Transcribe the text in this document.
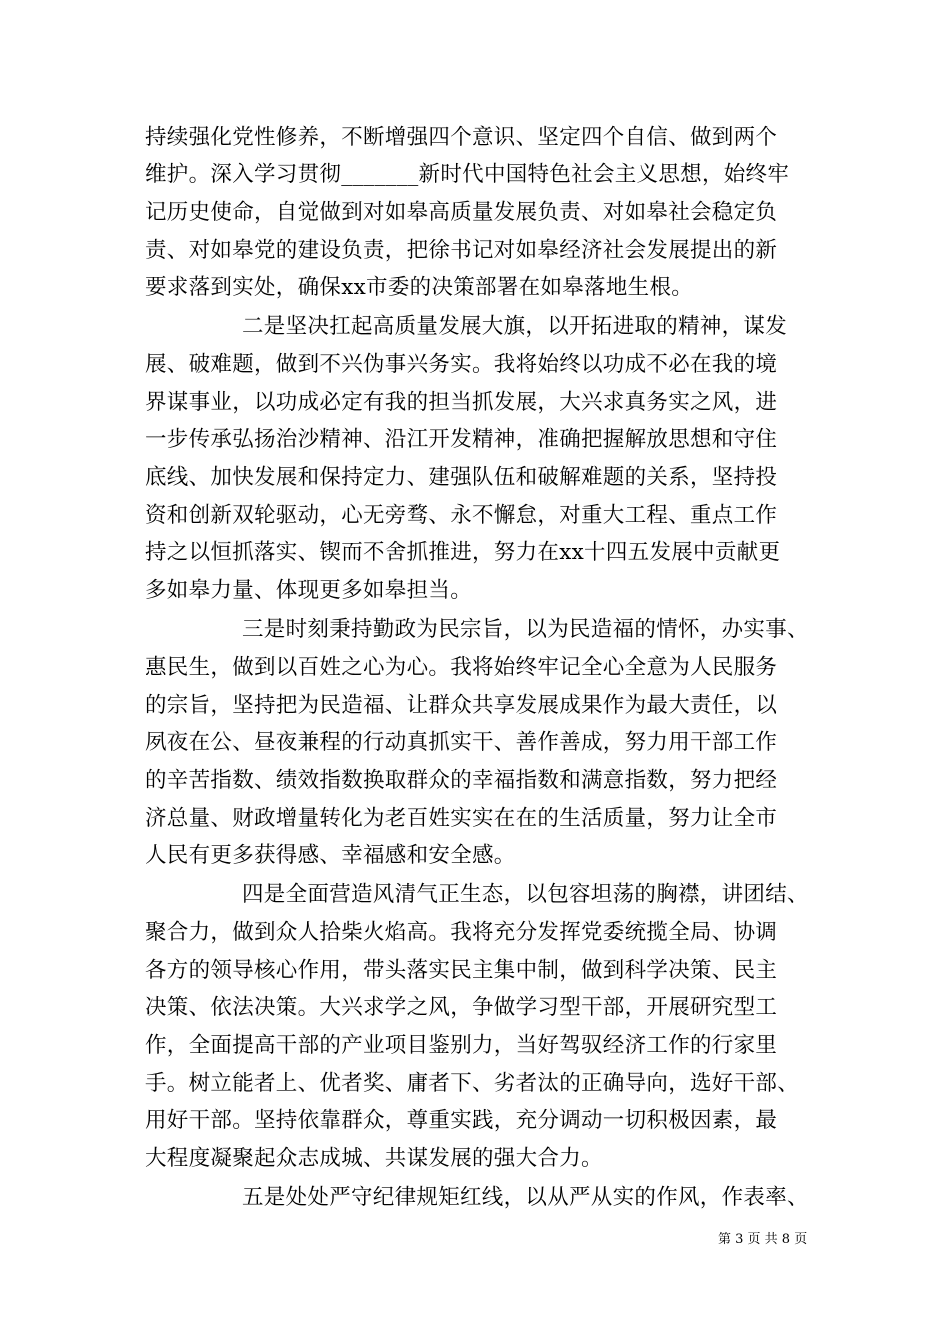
持续强化党性修养，不断增强四个意识、坚定四个自信、做到两个
维护。深入学习贯彻_______新时代中国特色社会主义思想，始终牢
记历史使命，自觉做到对如皋高质量发展负责、对如皋社会稳定负
责、对如皋党的建设负责，把徐书记对如皋经济社会发展提出的新
要求落到实处，确保xx市委的决策部署在如皋落地生根。
二是坚决扛起高质量发展大旗，以开拓进取的精神，谋发
展、破难题，做到不兴伪事兴务实。我将始终以功成不必在我的境
界谋事业，以功成必定有我的担当抓发展，大兴求真务实之风，进
一步传承弘扬治沙精神、沿江开发精神，准确把握解放思想和守住
底线、加快发展和保持定力、建强队伍和破解难题的关系，坚持投
资和创新双轮驱动，心无旁骛、永不懈怠，对重大工程、重点工作
持之以恒抓落实、锲而不舍抓推进，努力在xx十四五发展中贡献更
多如皋力量、体现更多如皋担当。
三是时刻秉持勤政为民宗旨，以为民造福的情怀，办实事、
惠民生，做到以百姓之心为心。我将始终牢记全心全意为人民服务
的宗旨，坚持把为民造福、让群众共享发展成果作为最大责任，以
夙夜在公、昼夜兼程的行动真抓实干、善作善成，努力用干部工作
的辛苦指数、绩效指数换取群众的幸福指数和满意指数，努力把经
济总量、财政增量转化为老百姓实实在在的生活质量，努力让全市
人民有更多获得感、幸福感和安全感。
四是全面营造风清气正生态，以包容坦荡的胸襟，讲团结、
聚合力，做到众人拾柴火焰高。我将充分发挥党委统揽全局、协调
各方的领导核心作用，带头落实民主集中制，做到科学决策、民主
决策、依法决策。大兴求学之风，争做学习型干部，开展研究型工
作，全面提高干部的产业项目鉴别力，当好驾驭经济工作的行家里
手。树立能者上、优者奖、庸者下、劣者汰的正确导向，选好干部、
用好干部。坚持依靠群众，尊重实践，充分调动一切积极因素，最
大程度凝聚起众志成城、共谋发展的强大合力。
五是处处严守纪律规矩红线，以从严从实的作风，作表率、
第 3 页 共 8 页
